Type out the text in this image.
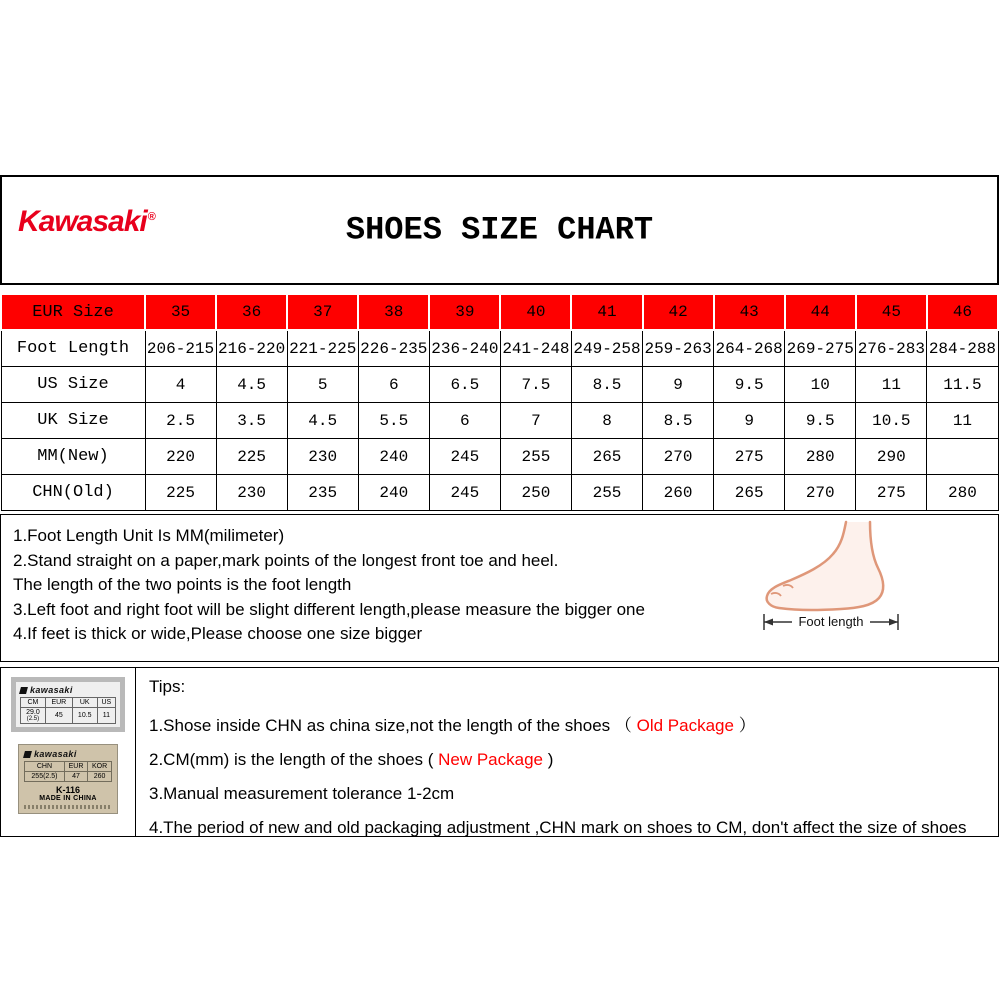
Kawasaki®	SHOES SIZE CHART
EUR Size	35	36	37	38	39	40	41	42	43	44	45	46
Foot Length	206-215	216-220	221-225	226-235	236-240	241-248	249-258	259-263	264-268	269-275	276-283	284-288
US Size	4	4.5	5	6	6.5	7.5	8.5	9	9.5	10	11	11.5
UK Size	2.5	3.5	4.5	5.5	6	7	8	8.5	9	9.5	10.5	11
MM(New)	220	225	230	240	245	255	265	270	275	280	290	
CHN(Old)	225	230	235	240	245	250	255	260	265	270	275	280

1.Foot Length Unit Is MM(milimeter)

2.Stand straight on a paper,mark points of the longest front toe and heel.

The length of the two points is the foot length

3.Left foot and right foot will be slight different length,please measure the bigger one

4.If feet is thick or wide,Please choose one size bigger

Foot length
kawasaki
CM	EUR	UK	US
29.0
(2.5)	45	10.5	11
kawasaki
CHN	EUR	KOR
255(2.5)	47	260
K-116
MADE IN CHINA

Tips:

1.Shose inside CHN as china size,not the length of the shoes （ Old Package ）

2.CM(mm) is the length of the shoes ( New Package )

3.Manual measurement tolerance 1-2cm

4.The period of new and old packaging adjustment ,CHN mark on shoes to CM, don't affect the size of shoes
